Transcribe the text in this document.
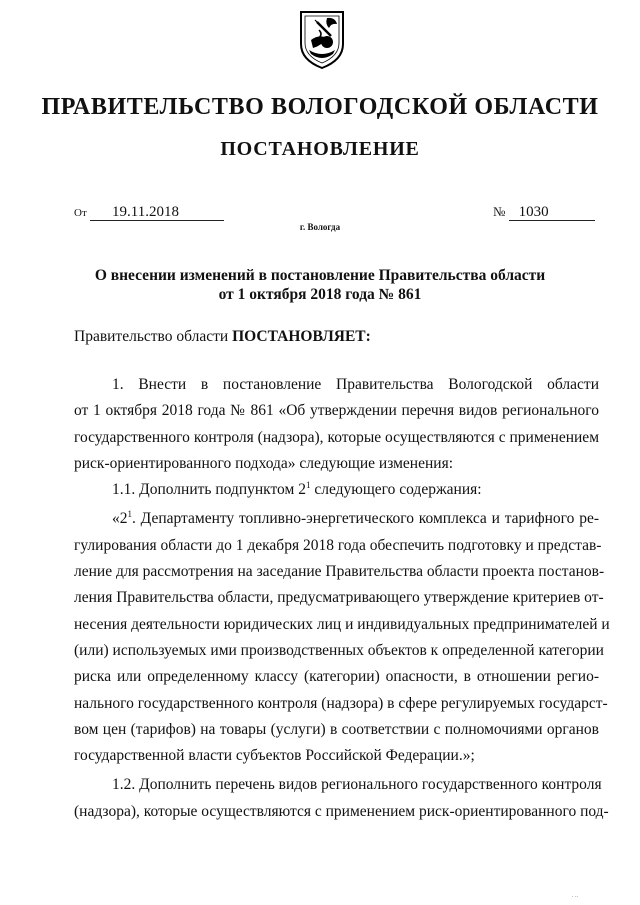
ПРАВИТЕЛЬСТВО ВОЛОГОДСКОЙ ОБЛАСТИ
ПОСТАНОВЛЕНИЕ
От 19.11.2018	№ 1030
г. Вологда
О внесении изменений в постановление Правительства области
от 1 октября 2018 года № 861
Правительство области ПОСТАНОВЛЯЕТ:
1. Внести в постановление Правительства Вологодской области
от 1 октября 2018 года № 861 «Об утверждении перечня видов регионального
государственного контроля (надзора), которые осуществляются с применением
риск-ориентированного подхода» следующие изменения:
1.1. Дополнить подпунктом $2^1$ следующего содержания:
«$2^1$. Департаменту топливно-энергетического комплекса и тарифного ре-
гулирования области до 1 декабря 2018 года обеспечить подготовку и представ-
ление для рассмотрения на заседание Правительства области проекта постанов-
ления Правительства области, предусматривающего утверждение критериев от-
несения деятельности юридических лиц и индивидуальных предпринимателей и
(или) используемых ими производственных объектов к определенной категории
риска или определенному классу (категории) опасности, в отношении регио-
нального государственного контроля (надзора) в сфере регулируемых государст-
вом цен (тарифов) на товары (услуги) в соответствии с полномочиями органов
государственной власти субъектов Российской Федерации.»;
1.2. Дополнить перечень видов регионального государственного контроля
(надзора), которые осуществляются с применением риск-ориентированного под-
. ..
